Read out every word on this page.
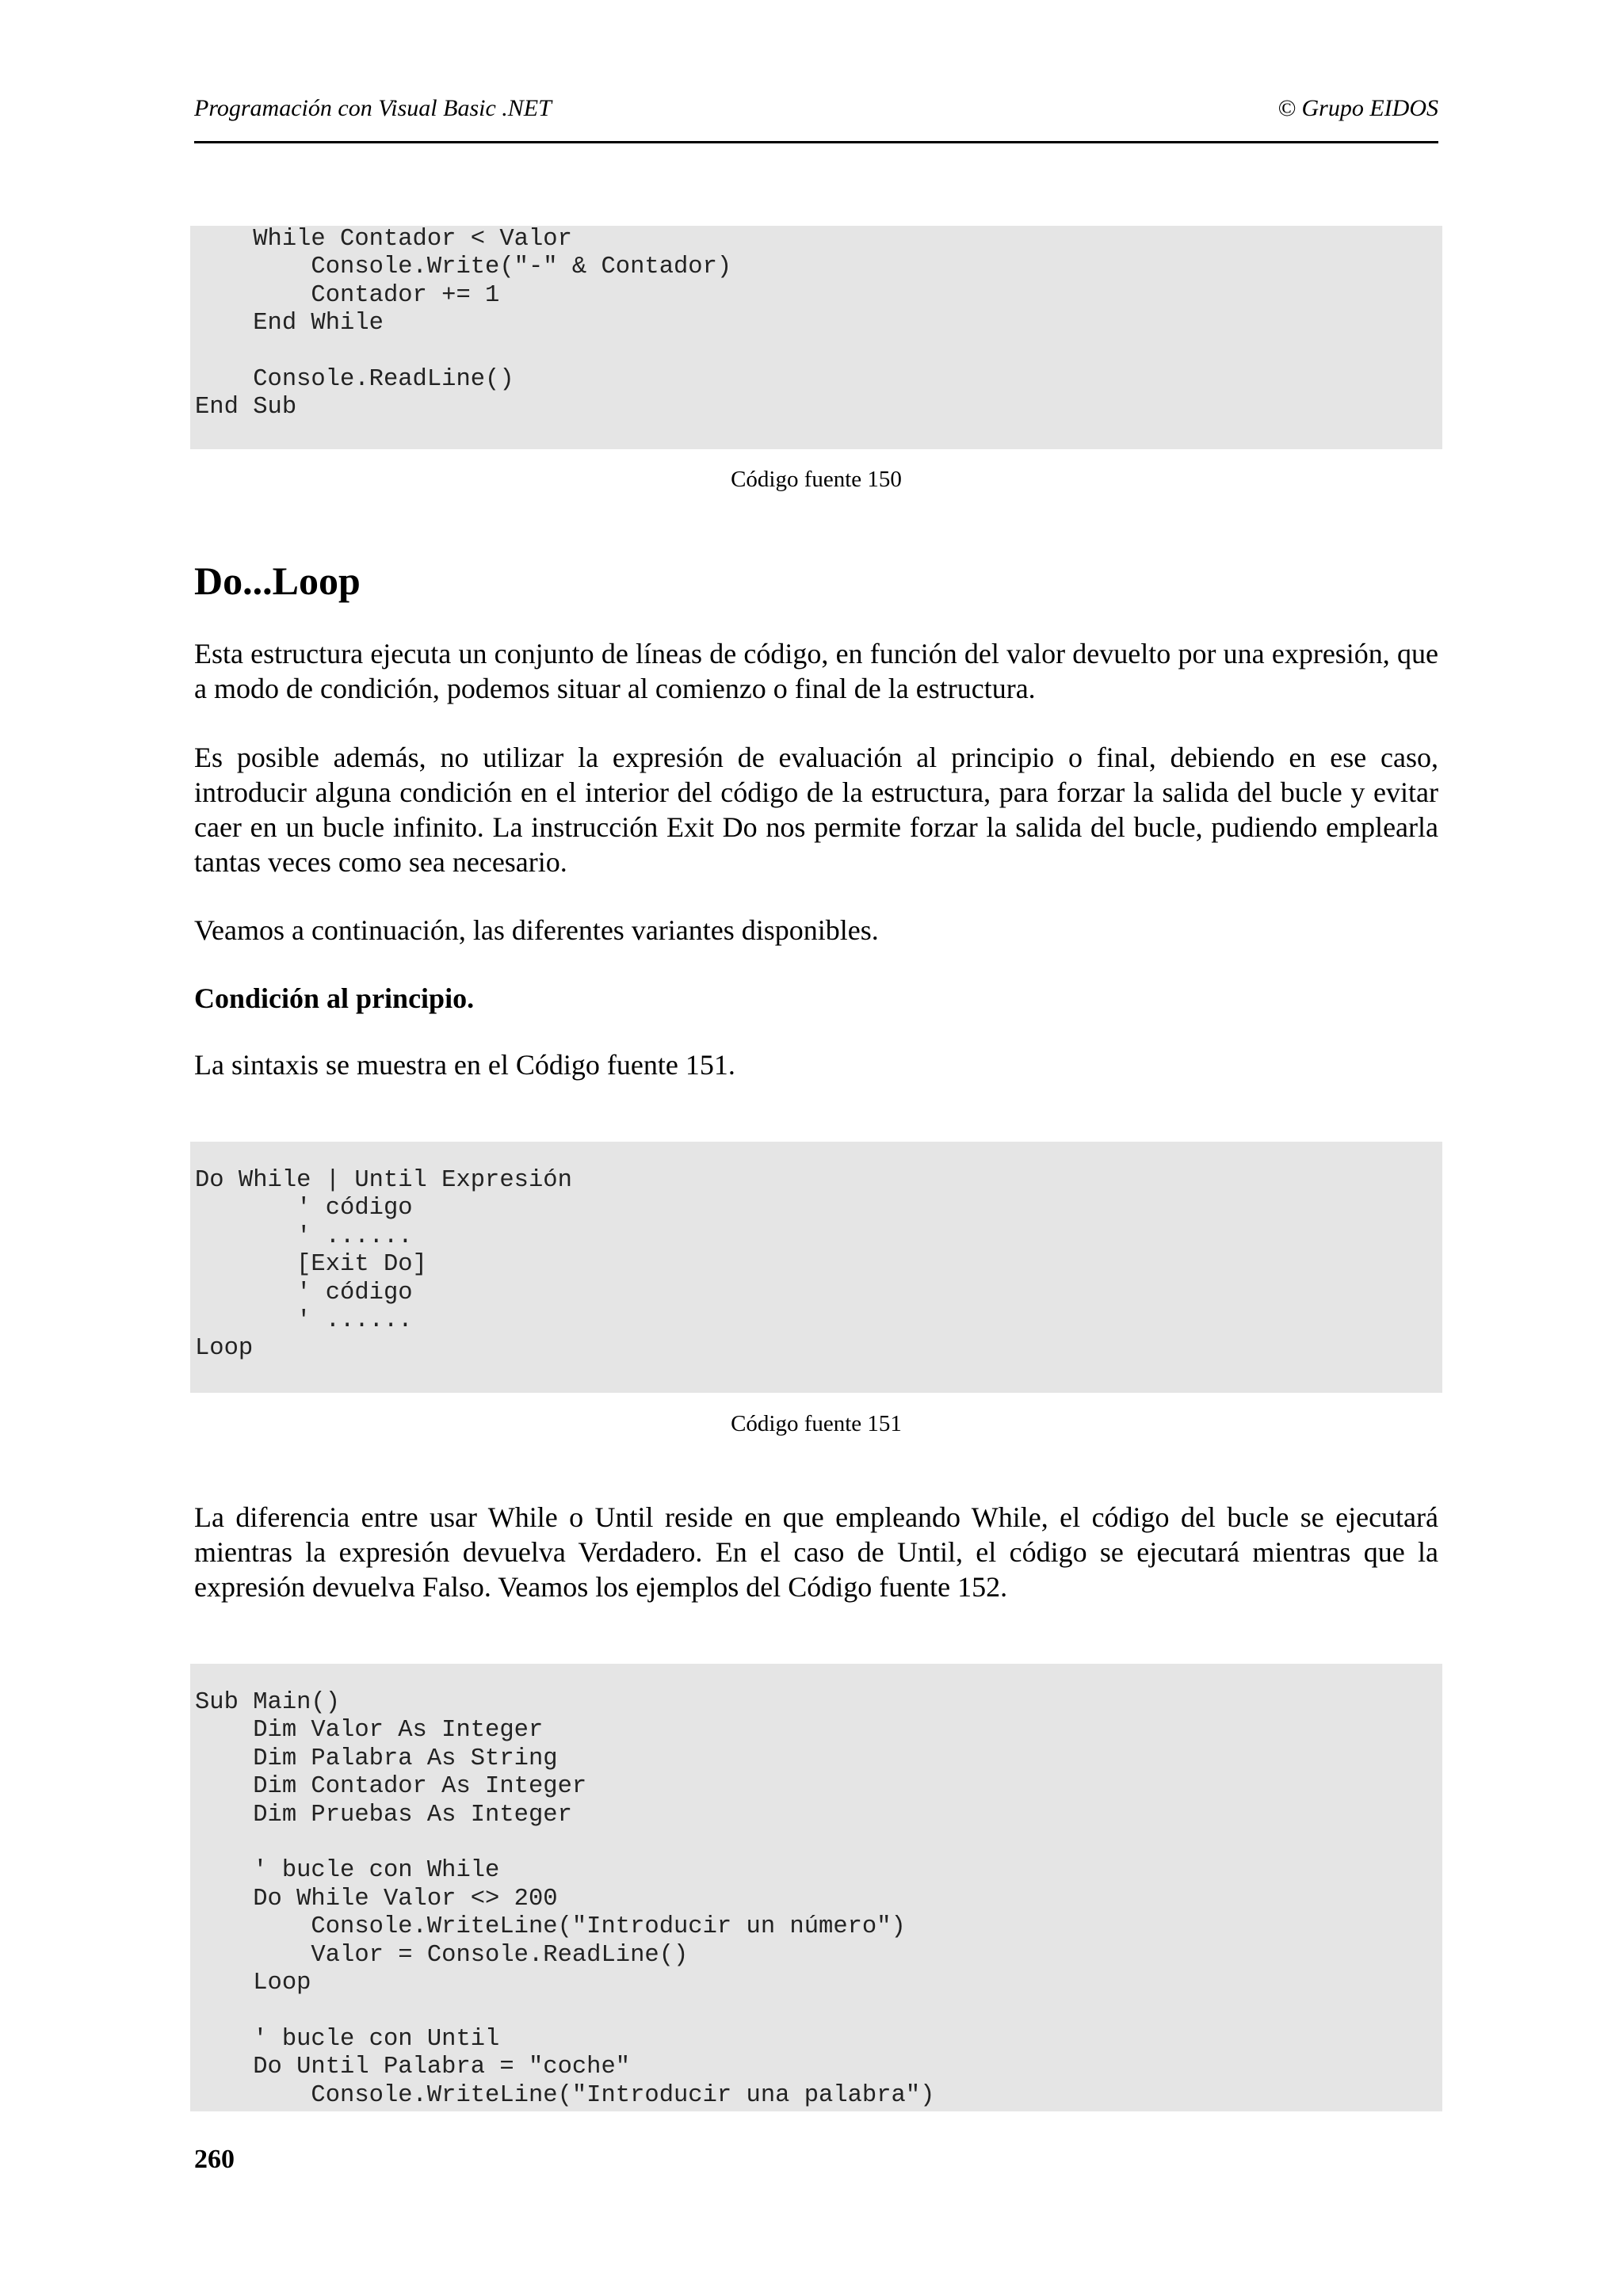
Programación con Visual Basic .NET	© Grupo EIDOS
While Contador < Valor
Console.Write("-" & Contador)
Contador += 1
End While

Console.ReadLine()
End Sub
Código fuente 150
Do...Loop
Esta estructura ejecuta un conjunto de líneas de código, en función del valor devuelto por una expresión, que a modo de condición, podemos situar al comienzo o final de la estructura.
Es posible además, no utilizar la expresión de evaluación al principio o final, debiendo en ese caso, introducir alguna condición en el interior del código de la estructura, para forzar la salida del bucle y evitar caer en un bucle infinito. La instrucción Exit Do nos permite forzar la salida del bucle, pudiendo emplearla tantas veces como sea necesario.
Veamos a continuación, las diferentes variantes disponibles.
Condición al principio.
La sintaxis se muestra en el Código fuente 151.
Do While | Until Expresión
' código
' ......
[Exit Do]
' código
' ......
Loop
Código fuente 151
La diferencia entre usar While o Until reside en que empleando While, el código del bucle se ejecutará mientras la expresión devuelva Verdadero. En el caso de Until, el código se ejecutará mientras que la expresión devuelva Falso. Veamos los ejemplos del Código fuente 152.
Sub Main()
Dim Valor As Integer
Dim Palabra As String
Dim Contador As Integer
Dim Pruebas As Integer

' bucle con While
Do While Valor <> 200
Console.WriteLine("Introducir un número")
Valor = Console.ReadLine()
Loop

' bucle con Until
Do Until Palabra = "coche"
Console.WriteLine("Introducir una palabra")
260
